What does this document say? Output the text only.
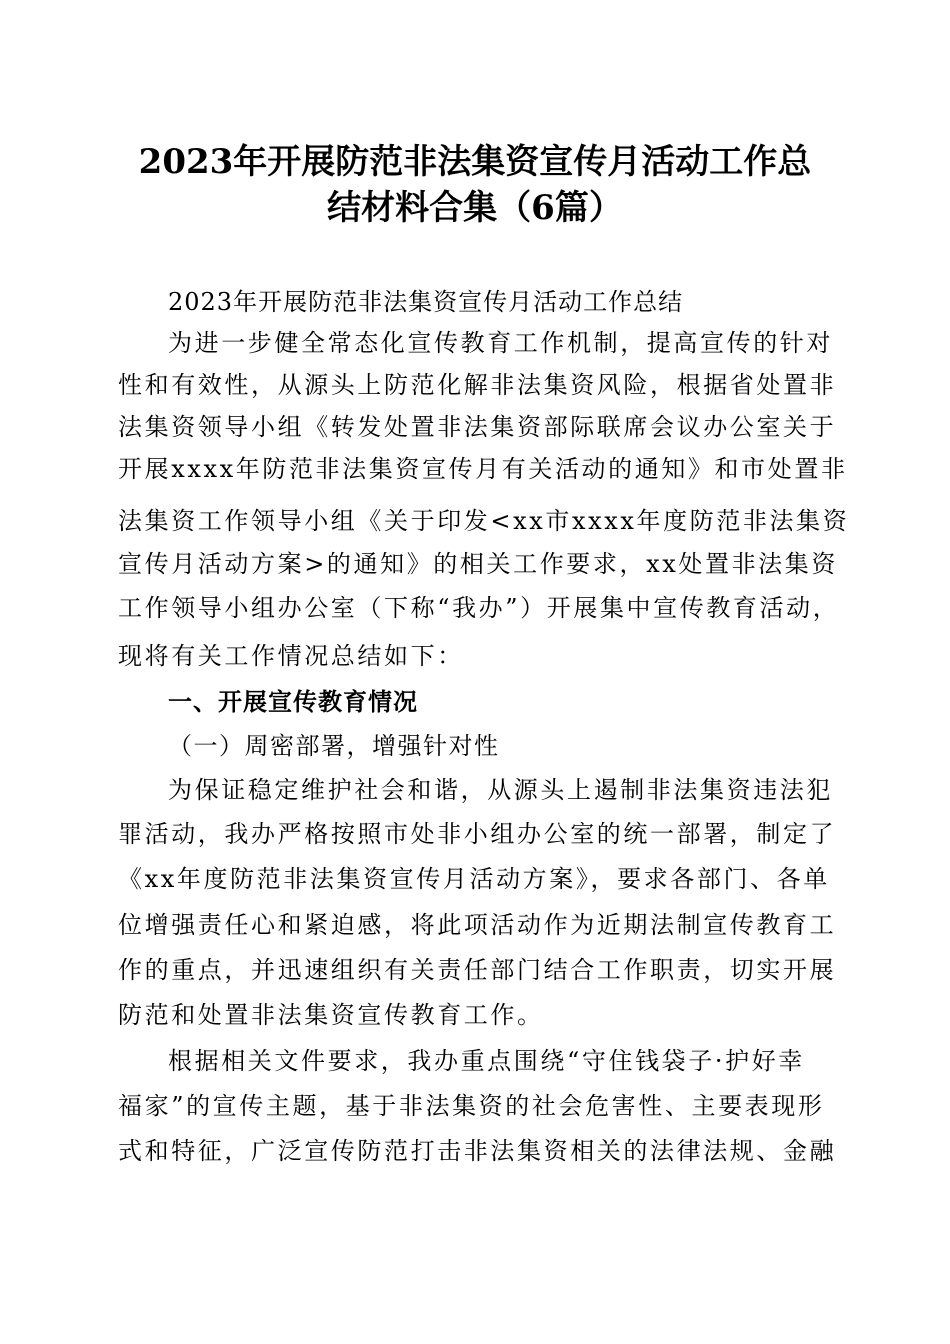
2023年开展防范非法集资宣传月活动工作总
结材料合集（6篇）
2023年开展防范非法集资宣传月活动工作总结
为进一步健全常态化宣传教育工作机制，提高宣传的针对
性和有效性，从源头上防范化解非法集资风险，根据省处置非
法集资领导小组《转发处置非法集资部际联席会议办公室关于
开展xxxx年防范非法集资宣传月有关活动的通知》和市处置非
法集资工作领导小组《关于印发<xx市xxxx年度防范非法集资
宣传月活动方案>的通知》的相关工作要求，xx处置非法集资
工作领导小组办公室（下称“我办”）开展集中宣传教育活动，
现将有关工作情况总结如下：
一、开展宣传教育情况
（一）周密部署，增强针对性
为保证稳定维护社会和谐，从源头上遏制非法集资违法犯
罪活动，我办严格按照市处非小组办公室的统一部署，制定了
《xx年度防范非法集资宣传月活动方案》，要求各部门、各单
位增强责任心和紧迫感，将此项活动作为近期法制宣传教育工
作的重点，并迅速组织有关责任部门结合工作职责，切实开展
防范和处置非法集资宣传教育工作。
根据相关文件要求，我办重点围绕“守住钱袋子·护好幸
福家”的宣传主题，基于非法集资的社会危害性、主要表现形
式和特征，广泛宣传防范打击非法集资相关的法律法规、金融
